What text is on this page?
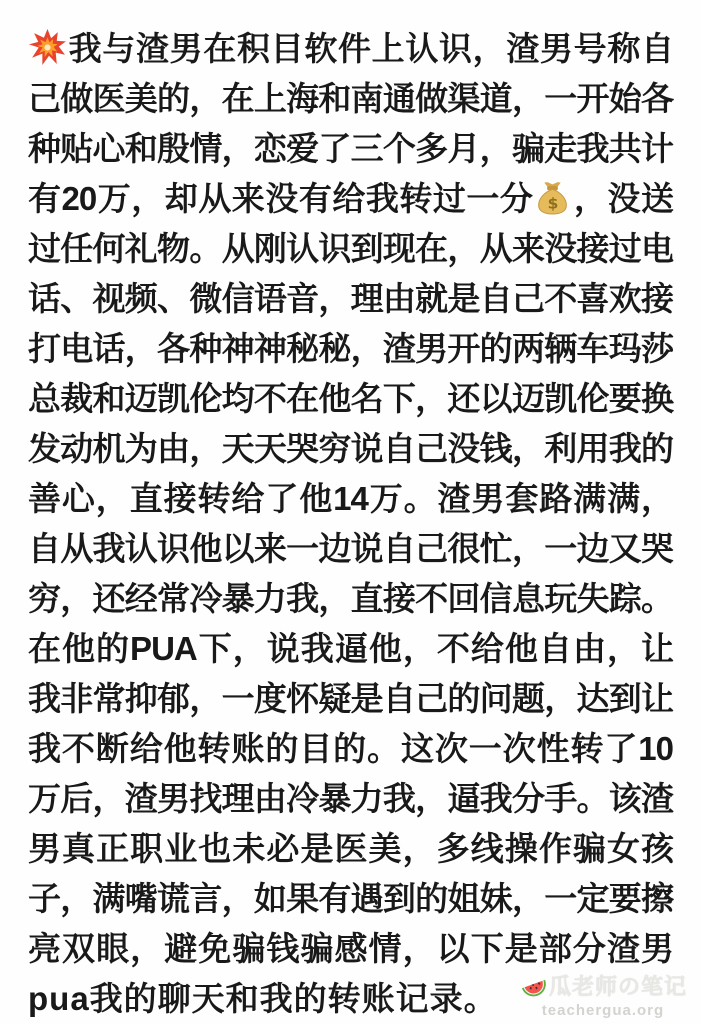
我与渣男在积目软件上认识，渣男号称自
己做医美的，在上海和南通做渠道，一开始各
种贴心和殷情，恋爱了三个多月，骗走我共计
有20万，却从来没有给我转过一分 $ ，没送
过任何礼物。从刚认识到现在，从来没接过电
话、视频、微信语音，理由就是自己不喜欢接
打电话，各种神神秘秘，渣男开的两辆车玛莎
总裁和迈凯伦均不在他名下，还以迈凯伦要换
发动机为由，天天哭穷说自己没钱，利用我的
善心，直接转给了他14万。渣男套路满满，
自从我认识他以来一边说自己很忙，一边又哭
穷，还经常冷暴力我，直接不回信息玩失踪。
在他的PUA下，说我逼他，不给他自由，让
我非常抑郁，一度怀疑是自己的问题，达到让
我不断给他转账的目的。这次一次性转了10
万后，渣男找理由冷暴力我，逼我分手。该渣
男真正职业也未必是医美，多线操作骗女孩
子，满嘴谎言，如果有遇到的姐妹，一定要擦
亮双眼，避免骗钱骗感情，以下是部分渣男
pua我的聊天和我的转账记录。	瓜老师の笔记
teachergua.org
